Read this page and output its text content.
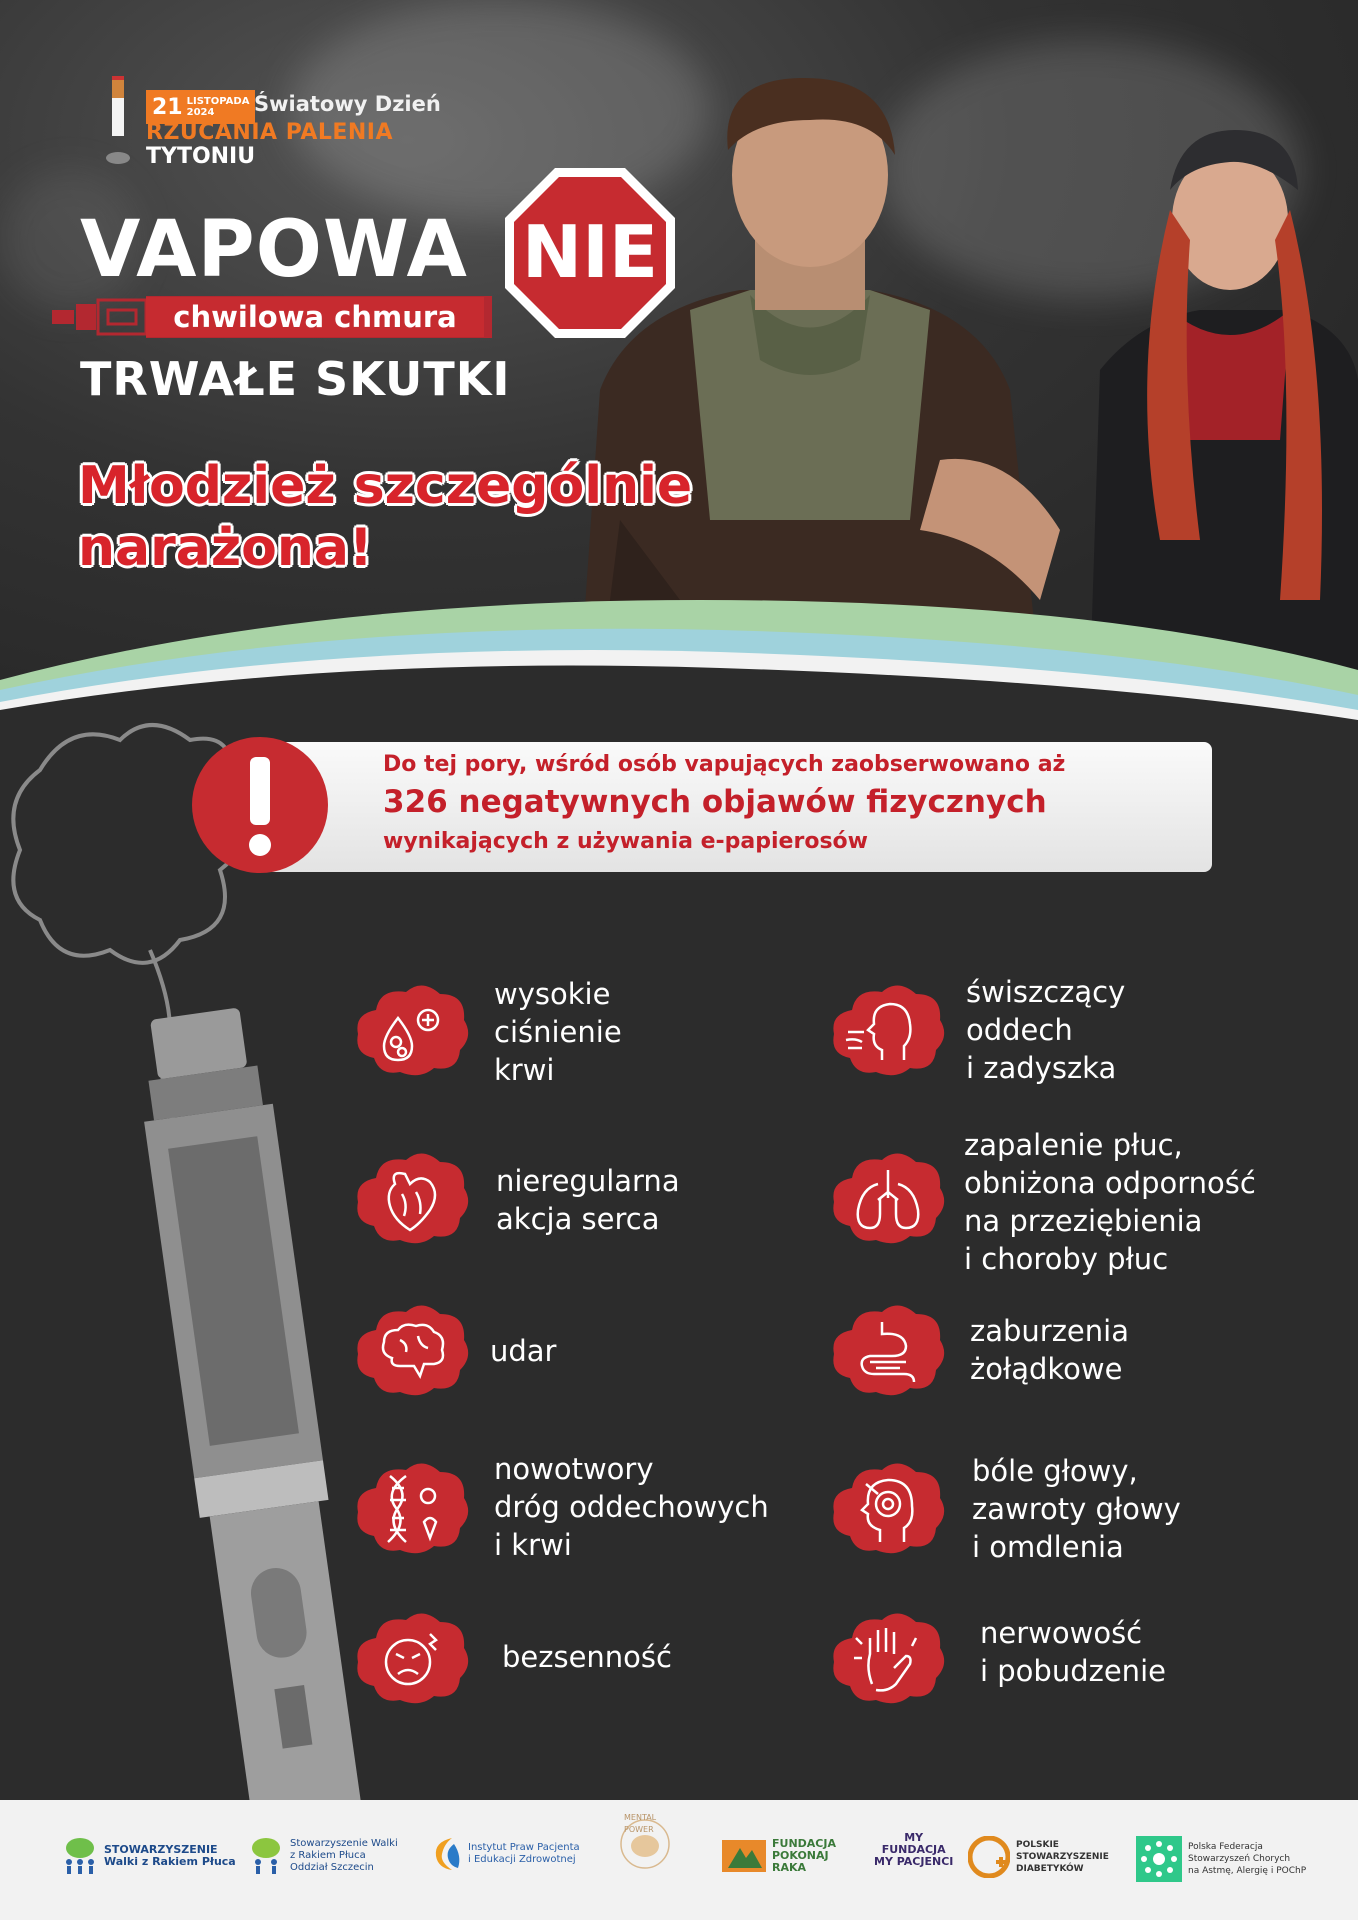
21 LISTOPADA
2024	Światowy Dzień
RZUCANIA PALENIA
TYTONIU
VAPOWA NIE
chwilowa chmura
TRWAŁE SKUTKI
Młodzież szczególnie
narażona!
Do tej pory, wśród osób vapujących zaobserwowano aż
326 negatywnych objawów fizycznych
wynikających z używania e-papierosów
wysokie
ciśnienie
krwi
nieregularna
akcja serca
udar
nowotwory
dróg oddechowych
i krwi
bezsenność
świszczący
oddech
i zadyszka
zapalenie płuc,
obniżona odporność
na przeziębienia
i choroby płuc
zaburzenia
żołądkowe
bóle głowy,
zawroty głowy
i omdlenia
nerwowość
i pobudzenie
STOWARZYSZENIE
Walki z Rakiem Płuca
Stowarzyszenie Walki
z Rakiem Płuca
Oddział Szczecin
Instytut Praw Pacjenta
i Edukacji Zdrowotnej
MENTAL POWER
FUNDACJA
POKONAJ
RAKA
MY
FUNDACJA
MY PACJENCI
POLSKIE
STOWARZYSZENIE
DIABETYKÓW
Polska Federacja
Stowarzyszeń Chorych
na Astmę, Alergię i POChP
